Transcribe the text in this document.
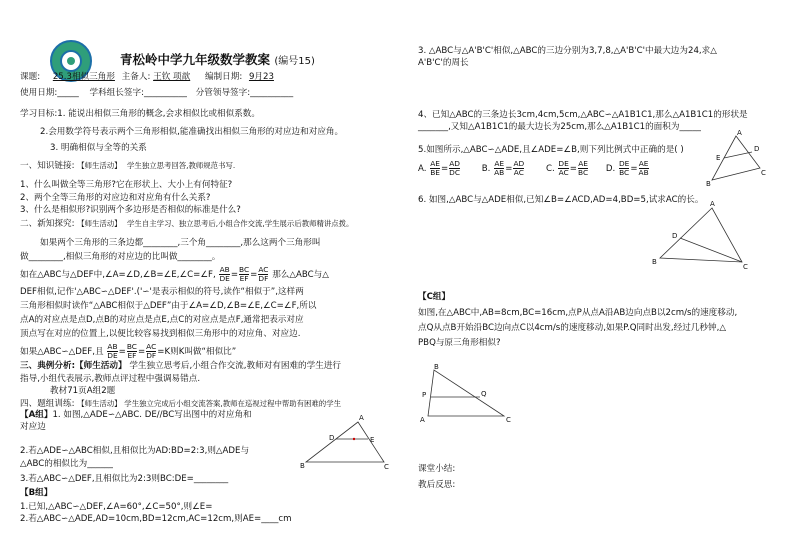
青松岭中学九年级数学教案 (编号15)
课题: 25.3相似三角形 主备人: 王钦 项歆 编制日期: 9月23
使用日期:_____ 学科组长签字:__________ 分管领导签字:__________
学习目标:1. 能说出相似三角形的概念,会求相似比或相似系数。
2.会用数学符号表示两个三角形相似,能准确找出相似三角形的对应边和对应角。
3. 明确相似与全等的关系
一、知识链接: 【师生活动】 学生独立思考回答,教师规范书写.
1、什么叫做全等三角形?它在形状上、大小上有何特征?
2、两个全等三角形的对应边和对应角有什么关系?
3、什么是相似形?识别两个多边形是否相似的标准是什么?
二、新知探究: 【师生活动】 学生自主学习、独立思考后,小组合作交流,学生展示后教师精讲点拨。
如果两个三角形的三条边都________,三个角________,那么这两个三角形叫
做________,相似三角形的对应边的比叫做________。
如在△ABC与△DEF中,∠A=∠D,∠B=∠E,∠C=∠F, $\frac{AB}{DE} = \frac{BC}{EF} = \frac{AC}{DF}$ 那么△ABC与△
DEF相似,记作'△ABC∽△DEF'.('∽'是表示相似的符号,读作“相似于”,这样两
三角形相似时读作“△ABC相似于△DEF”由于∠A=∠D,∠B=∠E,∠C=∠F,所以
点A的对应点是点D,点B的对应点是点E,点C的对应点是点F,通常把表示对应
顶点写在对应的位置上,以便比较容易找到相似三角形中的对应角、对应边.
如果△ABC∽△DEF,且 $\frac{AB}{DE} = \frac{BC}{EF} = \frac{AC}{DF} =K$则K叫做“相似比”
三、典例分析:【师生活动】 学生独立思考后,小组合作交流,教师对有困难的学生进行
指导,小组代表展示,教师点评过程中强调易错点.
教材71页A组2题
四、题组训练: 【师生活动】 学生独立完成后小组交流答案,教师在巡视过程中帮助有困难的学生
【A组】1. 如图,△ADE∽△ABC. DE//BC写出图中的对应角和
对应边
A
D	E
B	C
2.若△ADE∽△ABC相似,且相似比为AD:BD=2:3,则△ADE与
△ABC的相似比为______
3.若△ABC∽△DEF,且相似比为2:3则BC:DE=________
【B组】
1.已知,△ABC∽△DEF,∠A=60°,∠C=50°,则∠E=
2.若△ABC∽△ADE,AD=10cm,BD=12cm,AC=12cm,则AE=____cm
3. △ABC与△A'B'C'相似,△ABC的三边分别为3,7,8,△A'B'C'中最大边为24,求△
A'B'C'的周长
4、已知△ABC的三条边长3cm,4cm,5cm,△ABC∽△A1B1C1,那么△A1B1C1的形状是
_______,又知△A1B1C1的最大边长为25cm,那么△A1B1C1的面积为_____
5.如图所示,△ABC∽△ADE,且∠ADE=∠B,则下列比例式中正确的是( )
A. $\frac{AE}{BE} = \frac{AD}{DC}$	B. $\frac{AE}{AB} = \frac{AD}{AC}$	C. $\frac{DE}{AC} = \frac{AE}{BC} D$. $\frac{DE}{BC} = \frac{AE}{AB}$
A
E
D
B
C
6. 如图,△ABC与△ADE相似,已知∠B=∠ACD,AD=4,BD=5,试求AC的长。 A
D
B
C
【C组】
如图,在△ABC中,AB=8cm,BC=16cm,点P从点A沿AB边向点B以2cm/s的速度移动,
点Q从点B开始沿BC边向点C以4cm/s的速度移动,如果P.Q同时出发,经过几秒钟,△
PBQ与原三角形相似?
B
P	Q
A	C
课堂小结:
教后反思:
